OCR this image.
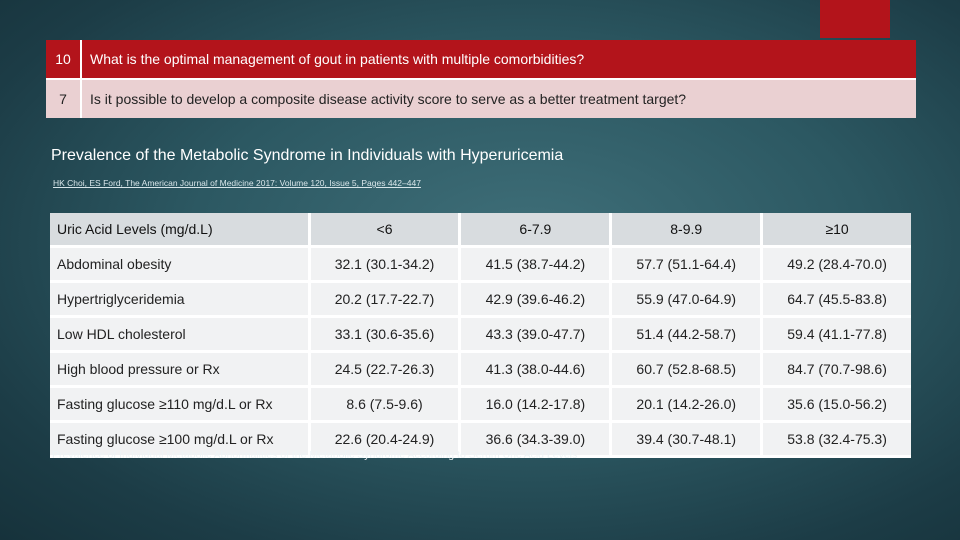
10	What is the optimal management of gout in patients with multiple comorbidities?
7	Is it possible to develop a composite disease activity score to serve as a better treatment target?
Prevalence of the Metabolic Syndrome in Individuals with Hyperuricemia
HK Choi, ES Ford, The American Journal of Medicine 2017: Volume 120, Issue 5, Pages 442–447
Uric Acid Levels (mg/d.L)	<6	6-7.9	8-9.9	≥10
Abdominal obesity	32.1 (30.1-34.2)	41.5 (38.7-44.2)	57.7 (51.1-64.4)	49.2 (28.4-70.0)
Hypertriglyceridemia	20.2 (17.7-22.7)	42.9 (39.6-46.2)	55.9 (47.0-64.9)	64.7 (45.5-83.8)
Low HDL cholesterol	33.1 (30.6-35.6)	43.3 (39.0-47.7)	51.4 (44.2-58.7)	59.4 (41.1-77.8)
High blood pressure or Rx	24.5 (22.7-26.3)	41.3 (38.0-44.6)	60.7 (52.8-68.5)	84.7 (70.7-98.6)
Fasting glucose ≥110 mg/d.L or Rx	8.6 (7.5-9.6)	16.0 (14.2-17.8)	20.1 (14.2-26.0)	35.6 (15.0-56.2)
Fasting glucose ≥100 mg/d.L or Rx	22.6 (20.4-24.9)	36.6 (34.3-39.0)	39.4 (30.7-48.1)	53.8 (32.4-75.3)
Prevalence of Individual Metabolic Abnormalities of the Metabolic Syndrome According to Serum Uric Acid Levels
